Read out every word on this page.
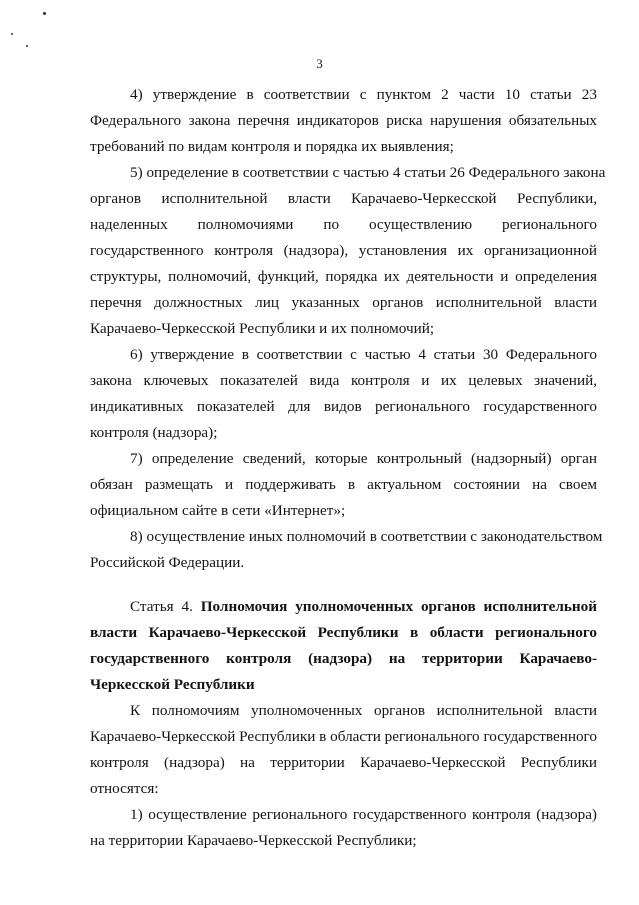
3
4) утверждение в соответствии с пунктом 2 части 10 статьи 23
Федерального закона перечня индикаторов риска нарушения обязательных
требований по видам контроля и порядка их выявления;
5) определение в соответствии с частью 4 статьи 26 Федерального закона
органов исполнительной власти Карачаево-Черкесской Республики,
наделенных полномочиями по осуществлению регионального
государственного контроля (надзора), установления их организационной
структуры, полномочий, функций, порядка их деятельности и определения
перечня должностных лиц указанных органов исполнительной власти
Карачаево-Черкесской Республики и их полномочий;
6) утверждение в соответствии с частью 4 статьи 30 Федерального
закона ключевых показателей вида контроля и их целевых значений,
индикативных показателей для видов регионального государственного
контроля (надзора);
7) определение сведений, которые контрольный (надзорный) орган
обязан размещать и поддерживать в актуальном состоянии на своем
официальном сайте в сети «Интернет»;
8) осуществление иных полномочий в соответствии с законодательством
Российской Федерации.
Статья 4. Полномочия уполномоченных органов исполнительной
власти Карачаево-Черкесской Республики в области регионального
государственного контроля (надзора) на территории Карачаево-
Черкесской Республики
К полномочиям уполномоченных органов исполнительной власти
Карачаево-Черкесской Республики в области регионального государственного
контроля (надзора) на территории Карачаево-Черкесской Республики
относятся:
1) осуществление регионального государственного контроля (надзора)
на территории Карачаево-Черкесской Республики;
